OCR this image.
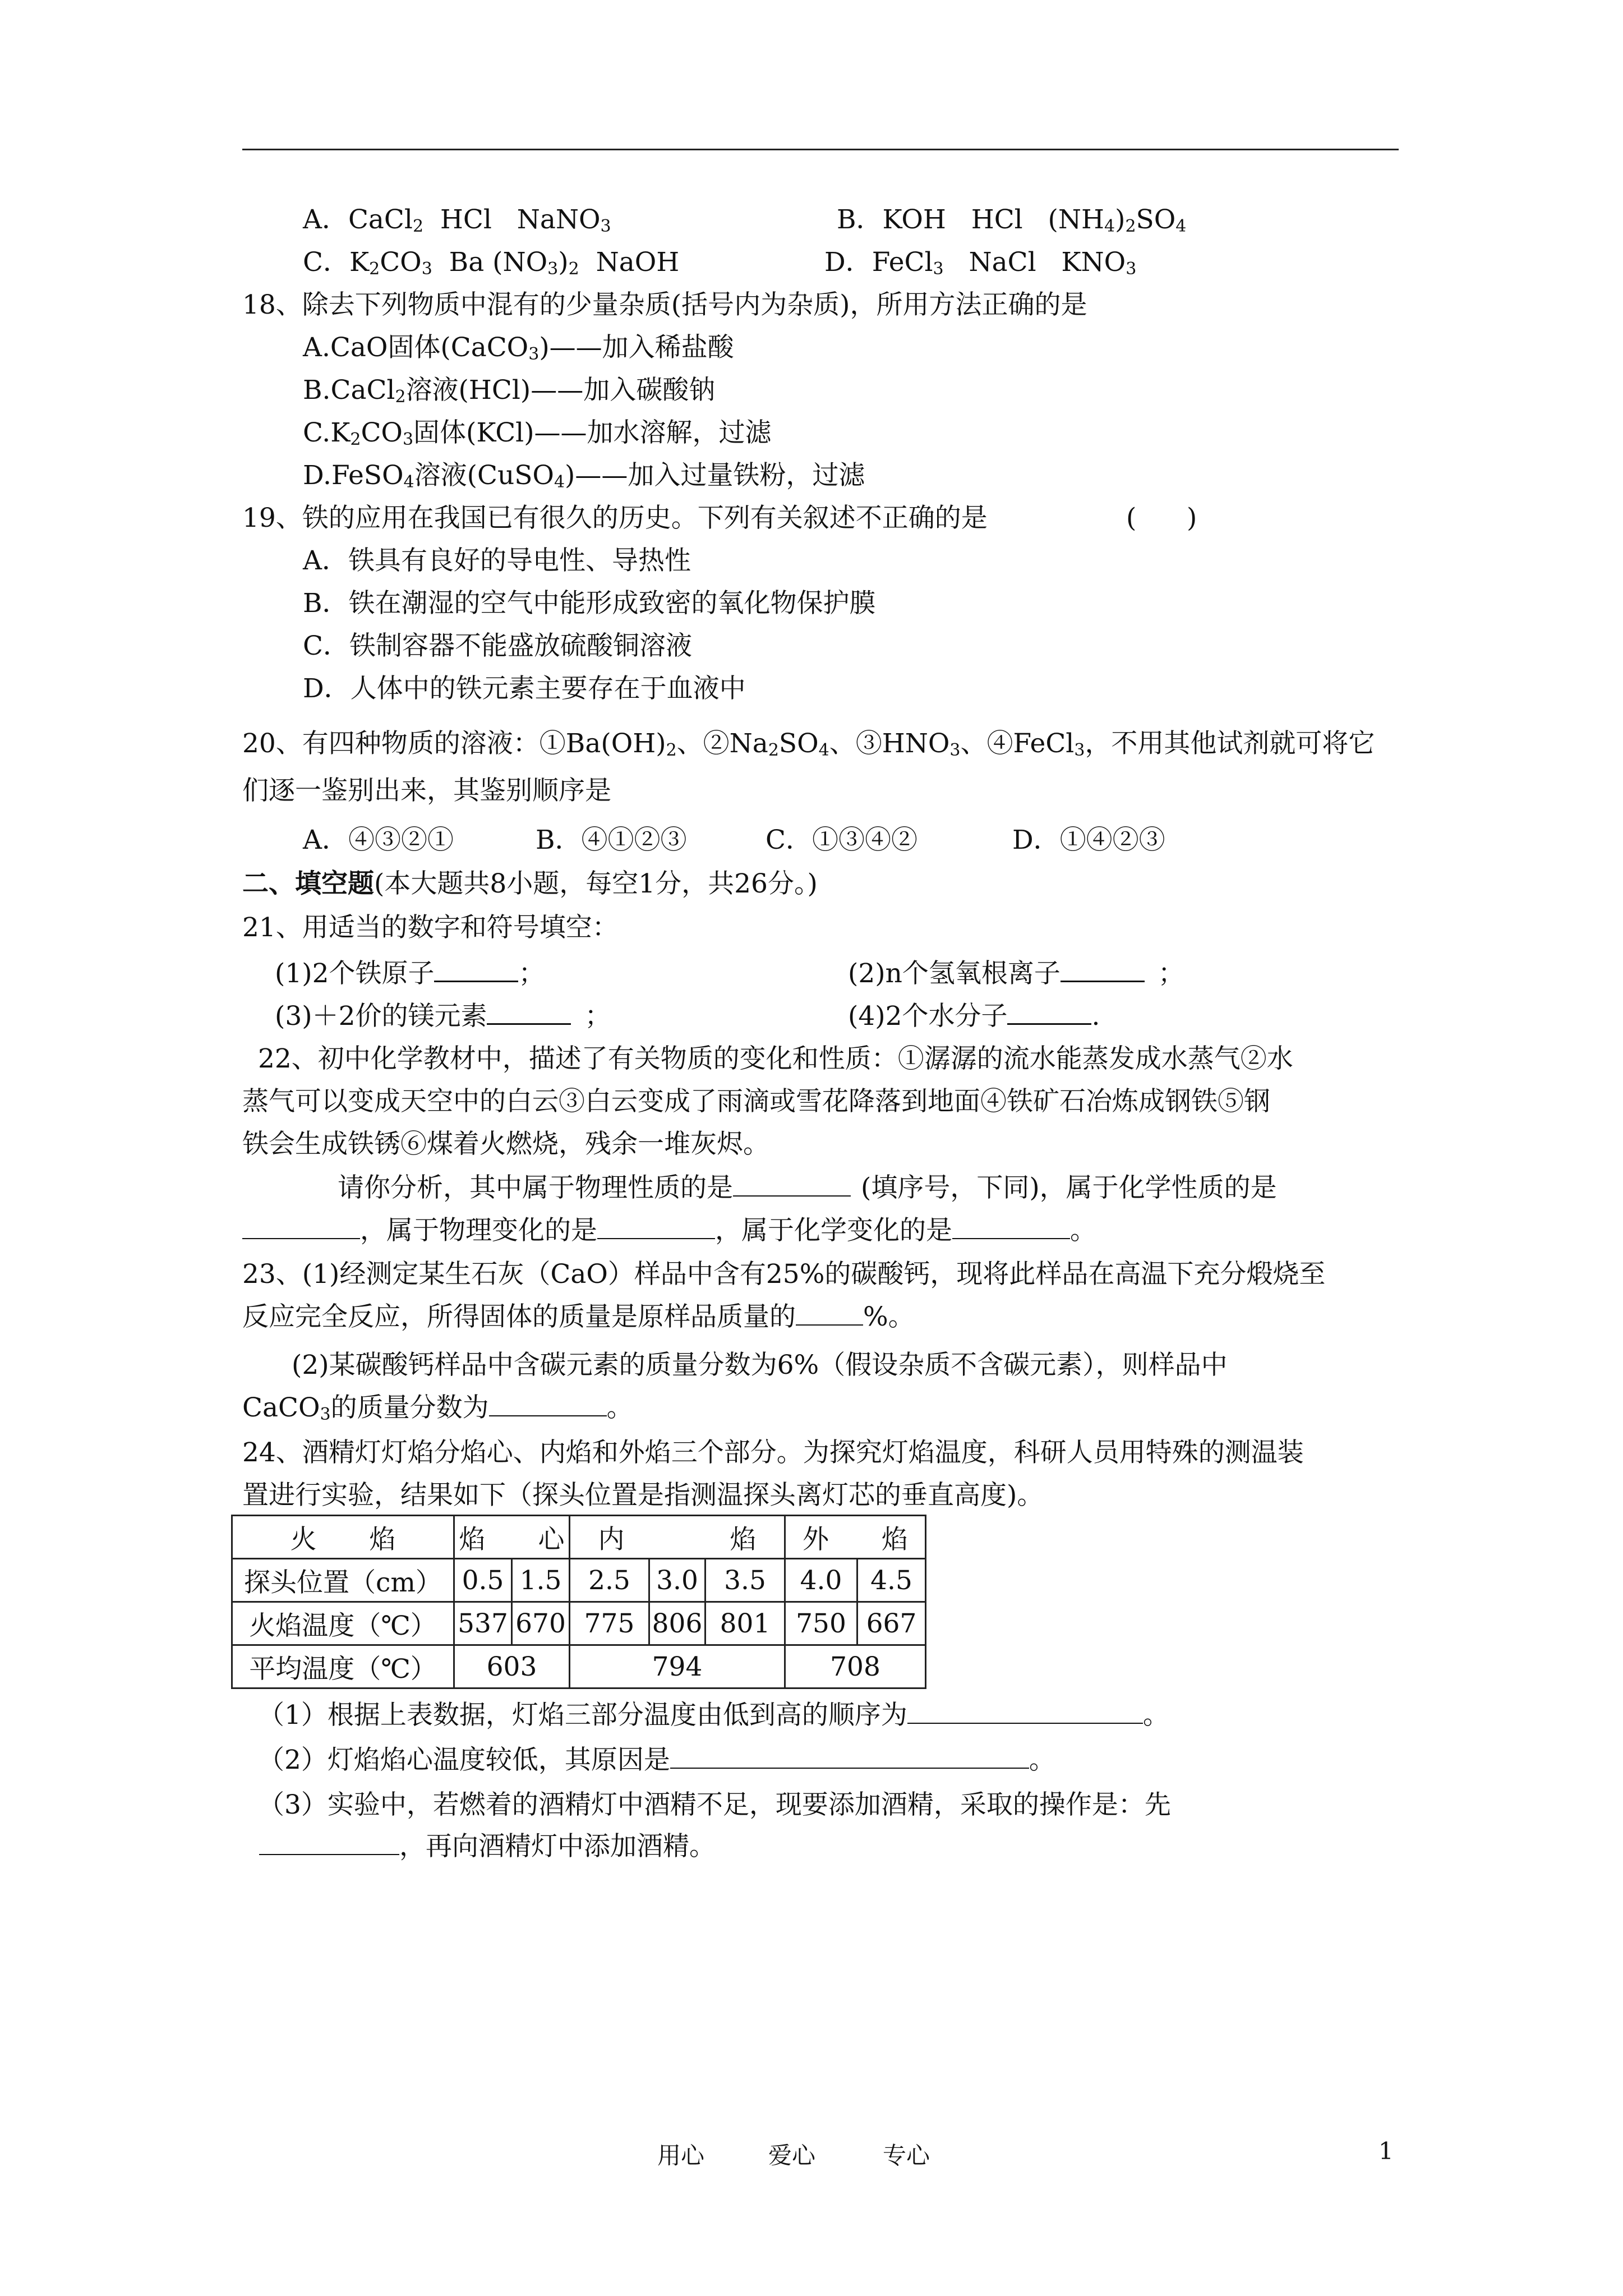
A．CaCl$_2$  HCl   NaNO$_3$	B．KOH   HCl   $(NH_4)_2SO_4$
C．$K_2CO_3$  Ba $(NO_3)_2$  NaOH	D．FeCl$_3$   NaCl   $KNO_3$
18、除去下列物质中混有的少量杂质(括号内为杂质)，所用方法正确的是
A.CaO固体(CaCO$_3$)——加入稀盐酸
B.CaCl$_2$溶液(HCl)——加入碳酸钠
$C.K_2CO_3$固体(KCl)——加水溶解，过滤
D.FeSO$_4$溶液(CuSO$_4$)——加入过量铁粉，过滤
19、铁的应用在我国已有很久的历史。下列有关叙述不正确的是	(      )
A．铁具有良好的导电性、导热性
B．铁在潮湿的空气中能形成致密的氧化物保护膜
C．铁制容器不能盛放硫酸铜溶液
D．人体中的铁元素主要存在于血液中
20、有四种物质的溶液：$①Ba(OH)_2$、$②Na_2SO_4$、$③HNO_3$、④FeCl$_3$，不用其他试剂就可将它
们逐一鉴别出来，其鉴别顺序是
A．④③②①	B．④①②③	C．①③④②	D．①④②③
二、填空题(本大题共8小题，每空1分，共26分。)
21、用适当的数字和符号填空：
(1)2个铁原子	；	(2)n个氢氧根离子	；
(3)＋2价的镁元素	；	(4)2个水分子	.
22、初中化学教材中，描述了有关物质的变化和性质：①潺潺的流水能蒸发成水蒸气②水
蒸气可以变成天空中的白云③白云变成了雨滴或雪花降落到地面④铁矿石冶炼成钢铁⑤钢
铁会生成铁锈⑥煤着火燃烧，残余一堆灰烬。
请你分析，其中属于物理性质的是	(填序号，下同)，属于化学性质的是
，属于物理变化的是	，属于化学变化的是	。
23、(1)经测定某生石灰（CaO）样品中含有25%的碳酸钙，现将此样品在高温下充分煅烧至
反应完全反应，所得固体的质量是原样品质量的	%。
(2)某碳酸钙样品中含碳元素的质量分数为6%（假设杂质不含碳元素），则样品中
CaCO$_3$的质量分数为	。
24、酒精灯灯焰分焰心、内焰和外焰三个部分。为探究灯焰温度，科研人员用特殊的测温装
置进行实验，结果如下（探头位置是指测温探头离灯芯的垂直高度)。
火　　焰	焰　　心		内　　　　焰			外　　焰	
探头位置（cm）	0.5	1.5	2.5	3.0	3.5	4.0	4.5
火焰温度（℃）	537	670	775	806	801	750	667
平均温度（℃）	603		794			708	
（1）根据上表数据，灯焰三部分温度由低到高的顺序为	。
（2）灯焰焰心温度较低，其原因是	。
（3）实验中，若燃着的酒精灯中酒精不足，现要添加酒精，采取的操作是：先
，再向酒精灯中添加酒精。
用心	爱心	专心	1
